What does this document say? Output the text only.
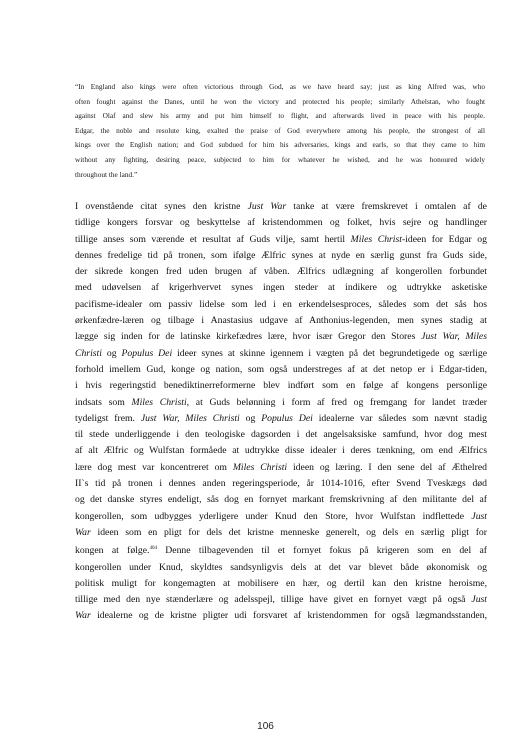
“In England also kings were often victorious through God, as we have heard say; just as king Alfred was, who
often fought against the Danes, until he won the victory and protected his people; similarly Athelstan, who fought
against Olaf and slew his army and put him himself to flight, and afterwards lived in peace with his people.
Edgar, the noble and resolute king, exalted the praise of God everywhere among his people, the strongest of all
kings over the English nation; and God subdued for him his adversaries, kings and earls, so that they came to him
without any fighting, desiring peace, subjected to him for whatever he wished, and he was honoured widely
throughout the land.”
I ovenstående citat synes den kristne Just War tanke at være fremskrevet i omtalen af de
tidlige kongers forsvar og beskyttelse af kristendommen og folket, hvis sejre og handlinger
tillige anses som værende et resultat af Guds vilje, samt hertil Miles Christ-ideen for Edgar og
dennes fredelige tid på tronen, som ifølge Ælfric synes at nyde en særlig gunst fra Guds side,
der sikrede kongen fred uden brugen af våben. Ælfrics udlægning af kongerollen forbundet
med udøvelsen af krigerhvervet synes ingen steder at indikere og udtrykke asketiske
pacifisme-idealer om passiv lidelse som led i en erkendelsesproces, således som det sås hos
ørkenfædre-læren og tilbage i Anastasius udgave af Anthonius-legenden, men synes stadig at
lægge sig inden for de latinske kirkefædres lære, hvor især Gregor den Stores Just War, Miles
Christi og Populus Dei ideer synes at skinne igennem i vægten på det begrundetigede og særlige
forhold imellem Gud, konge og nation, som også understreges af at det netop er i Edgar-tiden,
i hvis regeringstid benediktinerreformerne blev indført som en følge af kongens personlige
indsats som Miles Christi, at Guds belønning i form af fred og fremgang for landet træder
tydeligst frem. Just War, Miles Christi og Populus Dei idealerne var således som nævnt stadig
til stede underliggende i den teologiske dagsorden i det angelsaksiske samfund, hvor dog mest
af alt Ælfric og Wulfstan formåede at udtrykke disse idealer i deres tænkning, om end Ælfrics
lære dog mest var koncentreret om Miles Christi ideen og læring. I den sene del af Æthelred
II`s tid på tronen i dennes anden regeringsperiode, år 1014-1016, efter Svend Tveskægs død
og det danske styres endeligt, sås dog en fornyet markant fremskrivning af den militante del af
kongerollen, som udbygges yderligere under Knud den Store, hvor Wulfstan indflettede Just
War ideen som en pligt for dels det kristne menneske generelt, og dels en særlig pligt for
kongen at følge.$^{404}$ Denne tilbagevenden til et fornyet fokus på krigeren som en del af
kongerollen under Knud, skyldtes sandsynligvis dels at det var blevet både økonomisk og
politisk muligt for kongemagten at mobilisere en hær, og dertil kan den kristne heroisme,
tillige med den nye stænderlære og adelsspejl, tillige have givet en fornyet vægt på også Just
War idealerne og de kristne pligter udi forsvaret af kristendommen for også lægmandsstanden,
106
